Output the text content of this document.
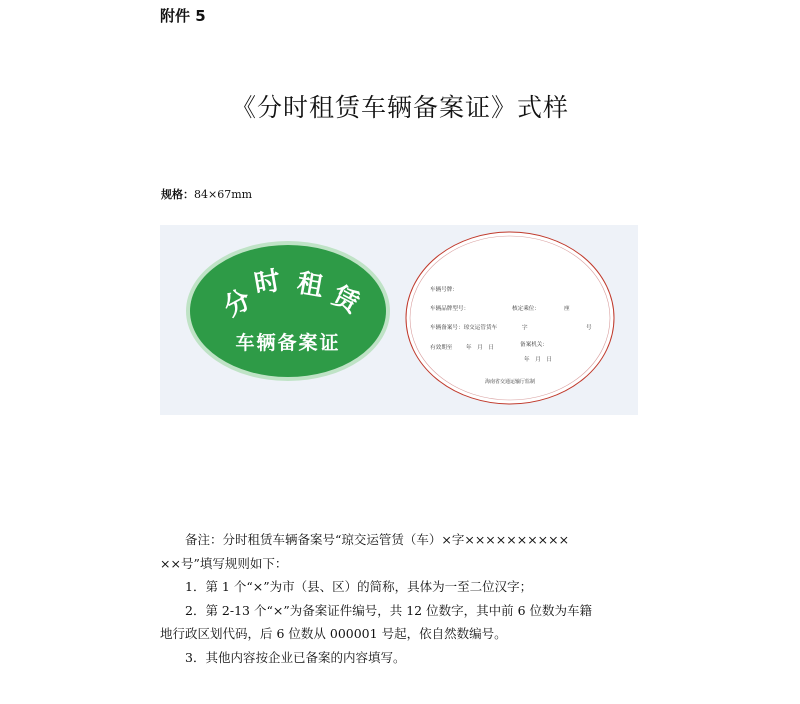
附件 5
《分时租赁车辆备案证》式样
规格：84×67mm
分
时 租 赁
车辆备案证
车辆号牌：
车辆品牌型号：	核定乘位：	座
车辆备案号：琼交运管赁车	字	号
有效期至 年　月　日	备案机关：
年　月　日
海南省交通运输厅监制

备注：分时租赁车辆备案号“琼交运管赁（车）×字××××××××××

××号”填写规则如下：

1．第 1 个“×”为市（县、区）的简称，具体为一至二位汉字；

2．第 2-13 个“×”为备案证件编号，共 12 位数字，其中前 6 位数为车籍

地行政区划代码，后 6 位数从 000001 号起，依自然数编号。

3．其他内容按企业已备案的内容填写。
